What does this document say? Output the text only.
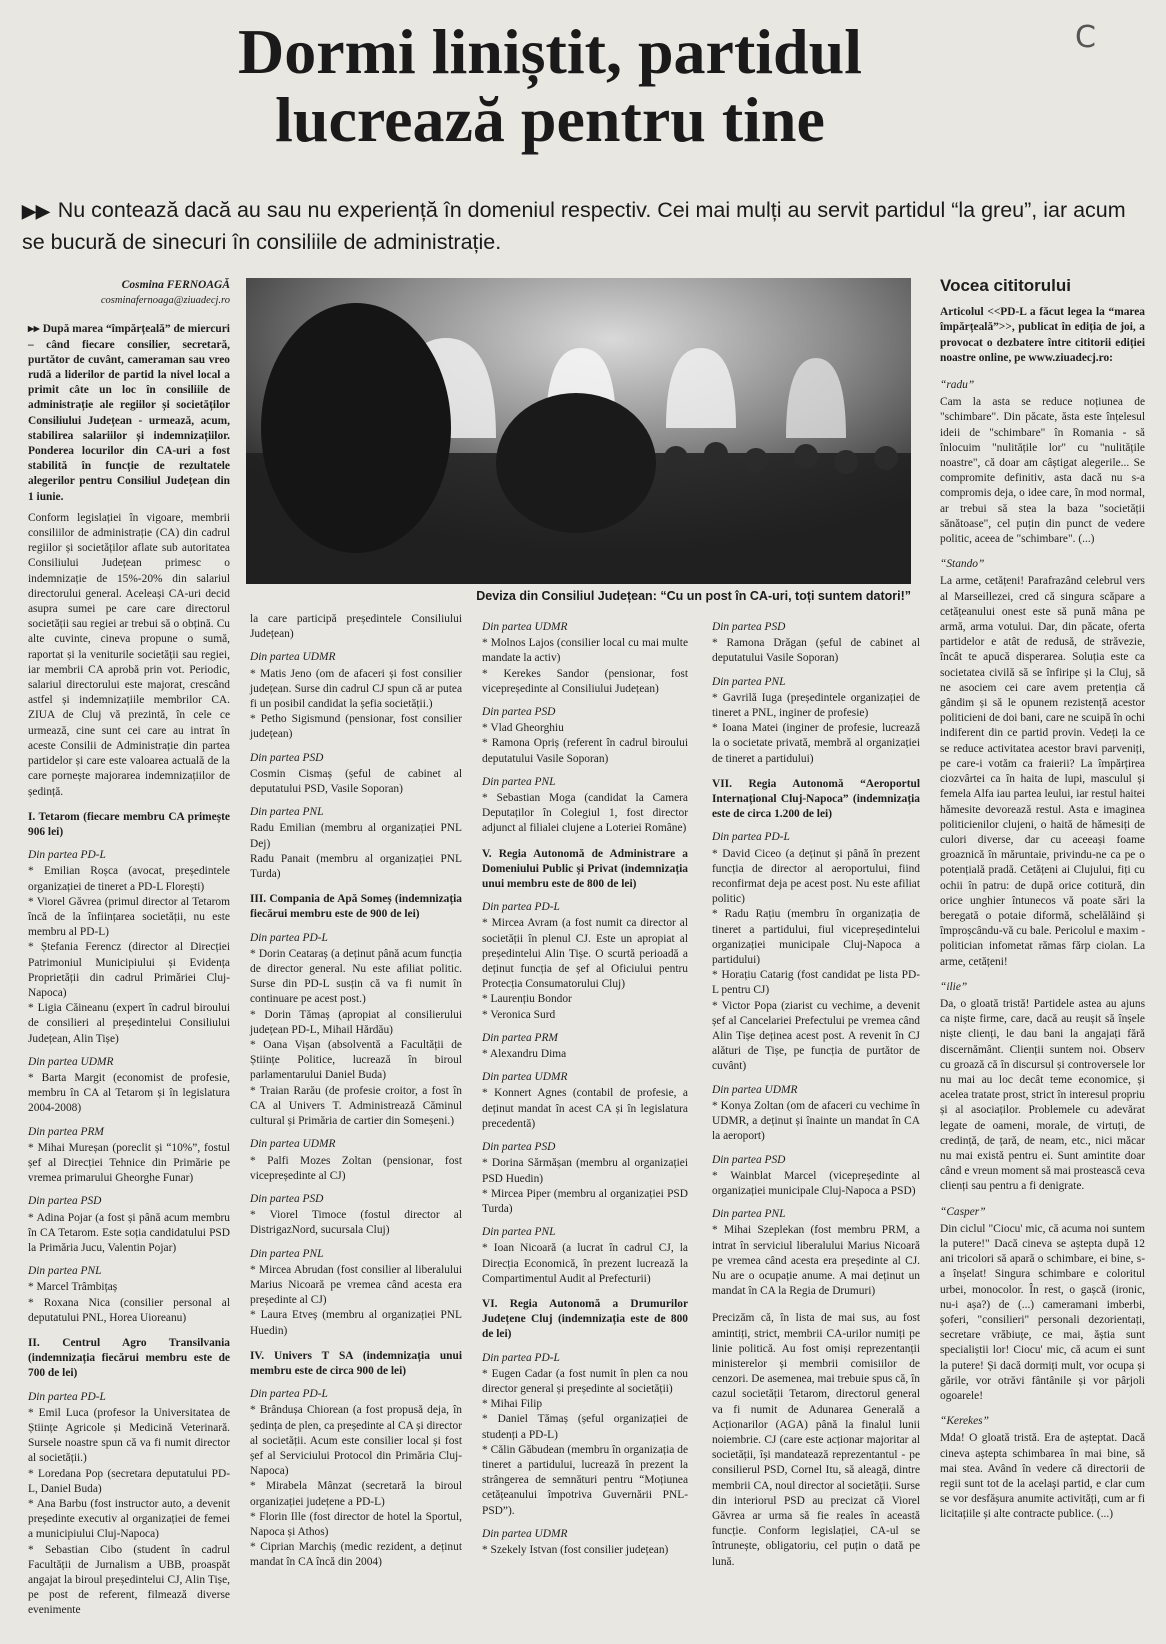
Dormi liniștit, partidul lucrează pentru tine
C
▶▶ Nu contează dacă au sau nu experiență în domeniul respectiv. Cei mai mulți au servit partidul “la greu”, iar acum se bucură de sinecuri în consiliile de administrație.
Cosmina FERNOAGĂ
cosminafernoaga@ziuadecj.ro

▸▸ După marea “împărțeală” de miercuri – când fiecare consilier, secretară, purtător de cuvânt, cameraman sau vreo rudă a liderilor de partid la nivel local a primit câte un loc în consiliile de administrație ale regiilor și societăților Consiliului Județean - urmează, acum, stabilirea salariilor și indemnizațiilor. Ponderea locurilor din CA-uri a fost stabilită în funcție de rezultatele alegerilor pentru Consiliul Județean din 1 iunie.

Conform legislației în vigoare, membrii consiliilor de administrație (CA) din cadrul regiilor și societăților aflate sub autoritatea Consiliului Județean primesc o indemnizație de 15%-20% din salariul directorului general. Aceleași CA-uri decid asupra sumei pe care care directorul societății sau regiei ar trebui să o obțină. Cu alte cuvinte, cineva propune o sumă, raportat și la veniturile societății sau regiei, iar membrii CA aprobă prin vot. Periodic, salariul directorului este majorat, crescând astfel și indemnizațiile membrilor CA. ZIUA de Cluj vă prezintă, în cele ce urmează, cine sunt cei care au intrat în aceste Consilii de Administrație din partea partidelor și care este valoarea actuală de la care pornește majorarea indemnizațiilor de ședință.

I. Tetarom (fiecare membru CA primește 906 lei)

Din partea PD-L

* Emilian Roșca (avocat, președintele organizației de tineret a PD-L Florești)

* Viorel Găvrea (primul director al Tetarom încă de la înființarea societății, nu este membru al PD-L)

* Ștefania Ferencz (director al Direcției Patrimoniul Municipiului și Evidența Proprietății din cadrul Primăriei Cluj-Napoca)

* Ligia Căineanu (expert în cadrul biroului de consilieri al președintelui Consiliului Județean, Alin Tișe)

Din partea UDMR

* Barta Margit (economist de profesie, membru în CA al Tetarom și în legislatura 2004-2008)

Din partea PRM

* Mihai Mureșan (poreclit și “10%”, fostul șef al Direcției Tehnice din Primărie pe vremea primarului Gheorghe Funar)

Din partea PSD

* Adina Pojar (a fost și până acum membru în CA Tetarom. Este soția candidatului PSD la Primăria Jucu, Valentin Pojar)

Din partea PNL

* Marcel Trâmbițaș

* Roxana Nica (consilier personal al deputatului PNL, Horea Uioreanu)

II. Centrul Agro Transilvania (indemnizația fiecărui membru este de 700 de lei)

Din partea PD-L

* Emil Luca (profesor la Universitatea de Științe Agricole și Medicină Veterinară. Sursele noastre spun că va fi numit director al societății.)

* Loredana Pop (secretara deputatului PD-L, Daniel Buda)

* Ana Barbu (fost instructor auto, a devenit președinte executiv al organizației de femei a municipiului Cluj-Napoca)

* Sebastian Cibo (student în cadrul Facultății de Jurnalism a UBB, proaspăt angajat la biroul președintelui CJ, Alin Tișe, pe post de referent, filmează diverse evenimente

la care participă președintele Consiliului Județean)

Din partea UDMR

* Matis Jeno (om de afaceri și fost consilier județean. Surse din cadrul CJ spun că ar putea fi un posibil candidat la șefia societății.)

* Petho Sigismund (pensionar, fost consilier județean)

Din partea PSD

Cosmin Cismaș (șeful de cabinet al deputatului PSD, Vasile Soporan)

Din partea PNL

Radu Emilian (membru al organizației PNL Dej)

Radu Panait (membru al organizației PNL Turda)

III. Compania de Apă Someș (indemnizația fiecărui membru este de 900 de lei)

Din partea PD-L

* Dorin Ceataraș (a deținut până acum funcția de director general. Nu este afiliat politic. Surse din PD-L susțin că va fi numit în continuare pe acest post.)

* Dorin Tămaș (apropiat al consilierului județean PD-L, Mihail Hărdău)

* Oana Vișan (absolventă a Facultății de Științe Politice, lucrează în biroul parlamentarului Daniel Buda)

* Traian Rarău (de profesie croitor, a fost în CA al Univers T. Administrează Căminul cultural și Primăria de cartier din Someșeni.)

Din partea UDMR

* Palfi Mozes Zoltan (pensionar, fost vicepreședinte al CJ)

Din partea PSD

* Viorel Timoce (fostul director al DistrigazNord, sucursala Cluj)

Din partea PNL

* Mircea Abrudan (fost consilier al liberalului Marius Nicoară pe vremea când acesta era președinte al CJ)

* Laura Etveș (membru al organizației PNL Huedin)

IV. Univers T SA (indemnizația unui membru este de circa 900 de lei)

Din partea PD-L

* Brândușa Chiorean (a fost propusă deja, în ședința de plen, ca președinte al CA și director al societății. Acum este consilier local și fost șef al Serviciului Protocol din Primăria Cluj-Napoca)

* Mirabela Mânzat (secretară la biroul organizației județene a PD-L)

* Florin Ille (fost director de hotel la Sportul, Napoca și Athos)

* Ciprian Marchiș (medic rezident, a deținut mandat în CA încă din 2004)

Deviza din Consiliul Județean: “Cu un post în CA-uri, toți suntem datori!”

Din partea UDMR

* Molnos Lajos (consilier local cu mai multe mandate la activ)

* Kerekes Sandor (pensionar, fost vicepreședinte al Consiliului Județean)

Din partea PSD

* Vlad Gheorghiu

* Ramona Opriș (referent în cadrul biroului deputatului Vasile Soporan)

Din partea PNL

* Sebastian Moga (candidat la Camera Deputaților în Colegiul 1, fost director adjunct al filialei clujene a Loteriei Române)

V. Regia Autonomă de Administrare a Domeniului Public și Privat (indemnizația unui membru este de 800 de lei)

Din partea PD-L

* Mircea Avram (a fost numit ca director al societății în plenul CJ. Este un apropiat al președintelui Alin Tișe. O scurtă perioadă a deținut funcția de șef al Oficiului pentru Protecția Consumatorului Cluj)

* Laurențiu Bondor

* Veronica Surd

Din partea PRM

* Alexandru Dima

Din partea UDMR

* Konnert Agnes (contabil de profesie, a deținut mandat în acest CA și în legislatura precedentă)

Din partea PSD

* Dorina Sărmășan (membru al organizației PSD Huedin)

* Mircea Piper (membru al organizației PSD Turda)

Din partea PNL

* Ioan Nicoară (a lucrat în cadrul CJ, la Direcția Economică, în prezent lucrează la Compartimentul Audit al Prefecturii)

VI. Regia Autonomă a Drumurilor Județene Cluj (indemnizația este de 800 de lei)

Din partea PD-L

* Eugen Cadar (a fost numit în plen ca nou director general și președinte al societății)

* Mihai Filip

* Daniel Tămaș (șeful organizației de studenți a PD-L)

* Călin Găbudean (membru în organizația de tineret a partidului, lucrează în prezent la strângerea de semnături pentru “Moțiunea cetățeanului împotriva Guvernării PNL-PSD”).

Din partea UDMR

* Szekely Istvan (fost consilier județean)

Din partea PSD

* Ramona Drăgan (șeful de cabinet al deputatului Vasile Soporan)

Din partea PNL

* Gavrilă Iuga (președintele organizației de tineret a PNL, inginer de profesie)

* Ioana Matei (inginer de profesie, lucrează la o societate privată, membră al organizației de tineret a partidului)

VII. Regia Autonomă “Aeroportul Internațional Cluj-Napoca” (indemnizația este de circa 1.200 de lei)

Din partea PD-L

* David Ciceo (a deținut și până în prezent funcția de director al aeroportului, fiind reconfirmat deja pe acest post. Nu este afiliat politic)

* Radu Rațiu (membru în organizația de tineret a partidului, fiul vicepreședintelui organizației municipale Cluj-Napoca a partidului)

* Horațiu Catarig (fost candidat pe lista PD-L pentru CJ)

* Victor Popa (ziarist cu vechime, a devenit șef al Cancelariei Prefectului pe vremea când Alin Tișe deținea acest post. A revenit în CJ alături de Tișe, pe funcția de purtător de cuvânt)

Din partea UDMR

* Konya Zoltan (om de afaceri cu vechime în UDMR, a deținut și înainte un mandat în CA la aeroport)

Din partea PSD

* Wainblat Marcel (vicepreședinte al organizației municipale Cluj-Napoca a PSD)

Din partea PNL

* Mihai Szeplekan (fost membru PRM, a intrat în serviciul liberalului Marius Nicoară pe vremea când acesta era președinte al CJ. Nu are o ocupație anume. A mai deținut un mandat în CA la Regia de Drumuri)

Precizăm că, în lista de mai sus, au fost amintiți, strict, membrii CA-urilor numiți pe linie politică. Au fost omiși reprezentanții ministerelor și membrii comisiilor de cenzori. De asemenea, mai trebuie spus că, în cazul societății Tetarom, directorul general va fi numit de Adunarea Generală a Acționarilor (AGA) până la finalul lunii noiembrie. CJ (care este acționar majoritar al societății, își mandatează reprezentantul - pe consilierul PSD, Cornel Itu, să aleagă, dintre membrii CA, noul director al societății. Surse din interiorul PSD au precizat că Viorel Găvrea ar urma să fie reales în această funcție. Conform legislației, CA-ul se întrunește, obligatoriu, cel puțin o dată pe lună.

Vocea cititorului
Articolul <<PD-L a făcut legea la “marea împărțeală”>>, publicat în ediția de joi, a provocat o dezbatere între cititorii ediției noastre online, pe www.ziuadecj.ro:
“radu”

Cam la asta se reduce noțiunea de "schimbare". Din păcate, ăsta este înțelesul ideii de "schimbare" în Romania - să înlocuim "nulitățile lor" cu "nulitățile noastre", că doar am câștigat alegerile... Se compromite definitiv, asta dacă nu s-a compromis deja, o idee care, în mod normal, ar trebui să stea la baza "societății sănătoase", cel puțin din punct de vedere politic, aceea de "schimbare". (...)

“Stando”

La arme, cetățeni! Parafrazând celebrul vers al Marseillezei, cred că singura scăpare a cetățeanului onest este să pună mâna pe armă, arma votului. Dar, din păcate, oferta partidelor e atât de redusă, de străvezie, încât te apucă disperarea. Soluția este ca societatea civilă să se înfiripe și la Cluj, să ne asociem cei care avem pretenția că gândim și să le opunem rezistență acestor politicieni de doi bani, care ne scuipă în ochi indiferent din ce partid provin. Vedeți la ce se reduce activitatea acestor bravi parveniți, pe care-i votăm ca fraierii? La împărțirea ciozvârtei ca în haita de lupi, masculul și femela Alfa iau partea leului, iar restul haitei hămesite devorează restul. Asta e imaginea politicienilor clujeni, o haită de hămesiți de culori diverse, dar cu aceeași foame groaznică în măruntaie, privindu-ne ca pe o potențială pradă. Cetățeni ai Clujului, fiți cu ochii în patru: de după orice cotitură, din orice unghier întunecos vă poate sări la beregată o potaie diformă, schelălăind și împroșcându-vă cu bale. Pericolul e maxim - politician infometat rămas fărp ciolan. La arme, cetățeni!

“ilie”

Da, o gloată tristă! Partidele astea au ajuns ca niște firme, care, dacă au reușit să înșele niște clienți, le dau bani la angajați fără discernământ. Clienții suntem noi. Observ cu groază că în discursul și controversele lor nu mai au loc decât teme economice, și acelea tratate prost, strict în interesul propriu și al asociaților. Problemele cu adevărat legate de oameni, morale, de virtuți, de credință, de țară, de neam, etc., nici măcar nu mai există pentru ei. Sunt amintite doar când e vreun moment să mai prostească ceva clienți sau pentru a fi denigrate.

“Casper”

Din ciclul "Ciocu' mic, că acuma noi suntem la putere!" Dacă cineva se aștepta după 12 ani tricolori să apară o schimbare, ei bine, s-a înșelat! Singura schimbare e coloritul urbei, monocolor. În rest, o gașcă (ironic, nu-i așa?) de (...) cameramani imberbi, șoferi, "consilieri" personali dezorientați, secretare vrăbiuțe, ce mai, ăștia sunt specialiștii lor! Ciocu' mic, că acum ei sunt la putere! Și dacă dormiți mult, vor ocupa și gările, vor otrăvi fântânile și vor pârjoli ogoarele!

“Kerekes”

Mda! O gloată tristă. Era de așteptat. Dacă cineva aștepta schimbarea în mai bine, să mai stea. Având în vedere că directorii de regii sunt tot de la acelaşi partid, e clar cum se vor desfășura anumite activități, cum ar fi licitațiile și alte contracte publice. (...)
